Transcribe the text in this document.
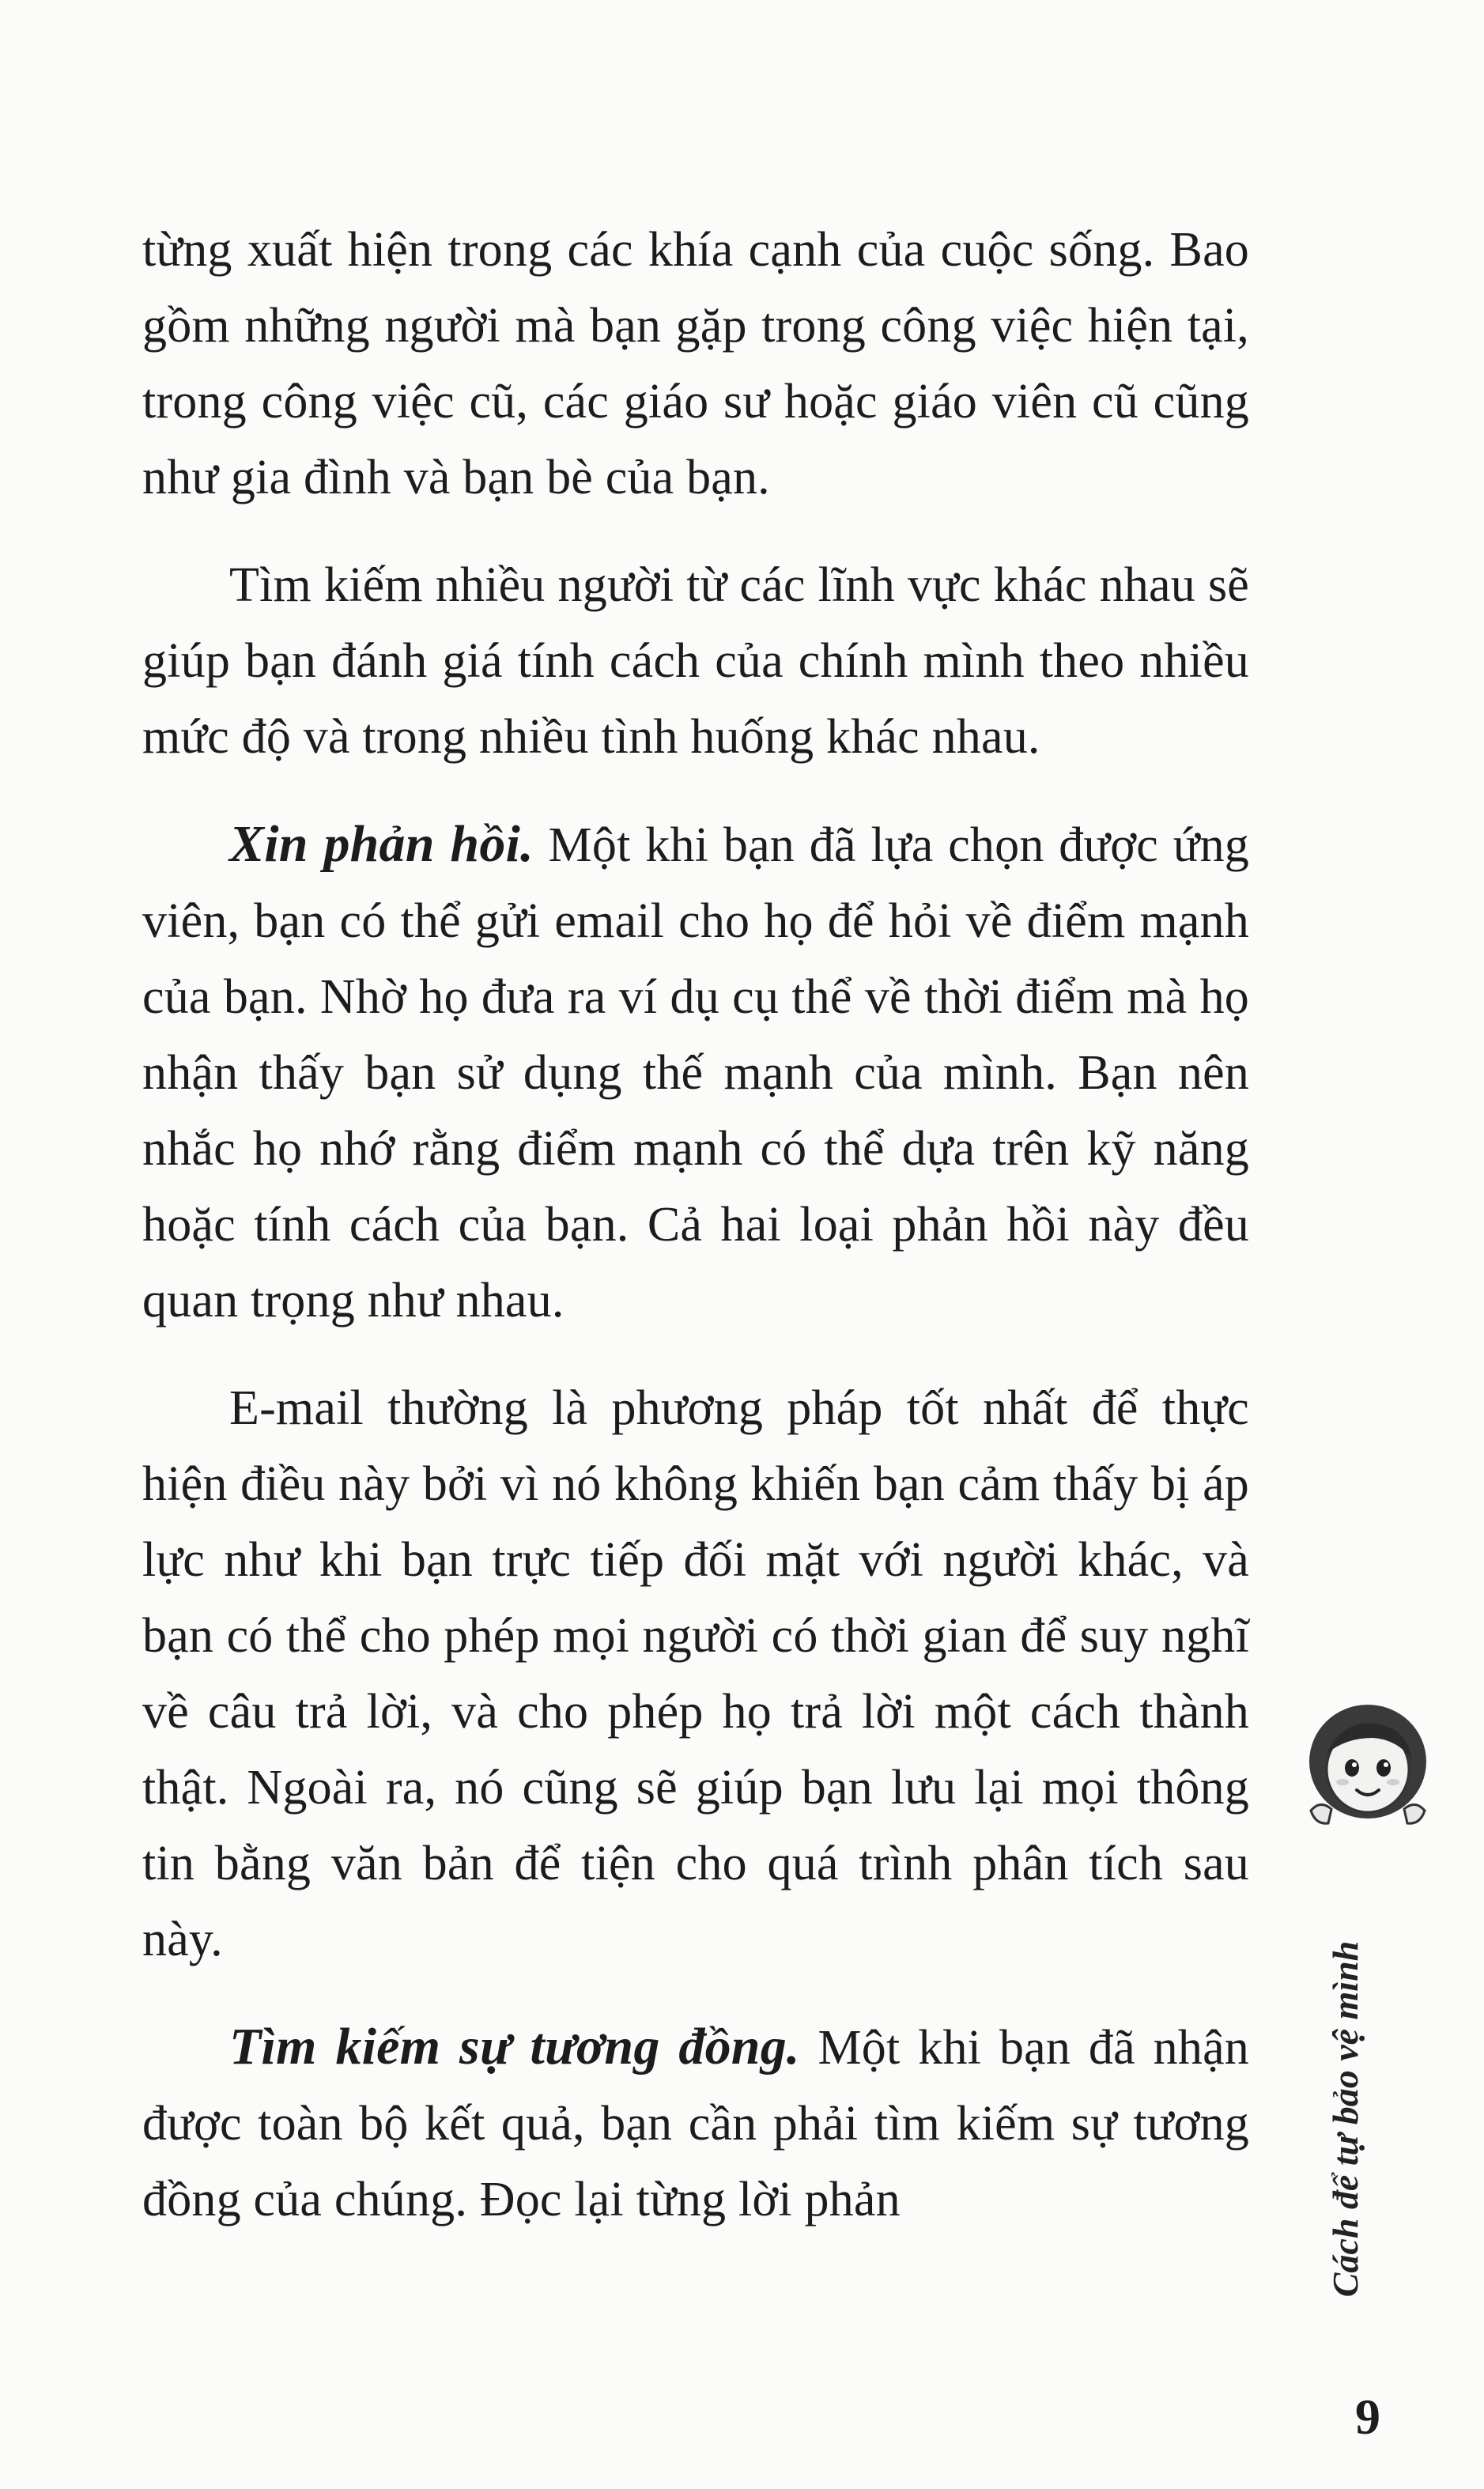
từng xuất hiện trong các khía cạnh của cuộc sống. Bao gồm những người mà bạn gặp trong công việc hiện tại, trong công việc cũ, các giáo sư hoặc giáo viên cũ cũng như gia đình và bạn bè của bạn.

Tìm kiếm nhiều người từ các lĩnh vực khác nhau sẽ giúp bạn đánh giá tính cách của chính mình theo nhiều mức độ và trong nhiều tình huống khác nhau.

Xin phản hồi. Một khi bạn đã lựa chọn được ứng viên, bạn có thể gửi email cho họ để hỏi về điểm mạnh của bạn. Nhờ họ đưa ra ví dụ cụ thể về thời điểm mà họ nhận thấy bạn sử dụng thế mạnh của mình. Bạn nên nhắc họ nhớ rằng điểm mạnh có thể dựa trên kỹ năng hoặc tính cách của bạn. Cả hai loại phản hồi này đều quan trọng như nhau.

E-mail thường là phương pháp tốt nhất để thực hiện điều này bởi vì nó không khiến bạn cảm thấy bị áp lực như khi bạn trực tiếp đối mặt với người khác, và bạn có thể cho phép mọi người có thời gian để suy nghĩ về câu trả lời, và cho phép họ trả lời một cách thành thật. Ngoài ra, nó cũng sẽ giúp bạn lưu lại mọi thông tin bằng văn bản để tiện cho quá trình phân tích sau này.

Tìm kiếm sự tương đồng. Một khi bạn đã nhận được toàn bộ kết quả, bạn cần phải tìm kiếm sự tương đồng của chúng. Đọc lại từng lời phản	Cách để tự bảo vệ mình
9
